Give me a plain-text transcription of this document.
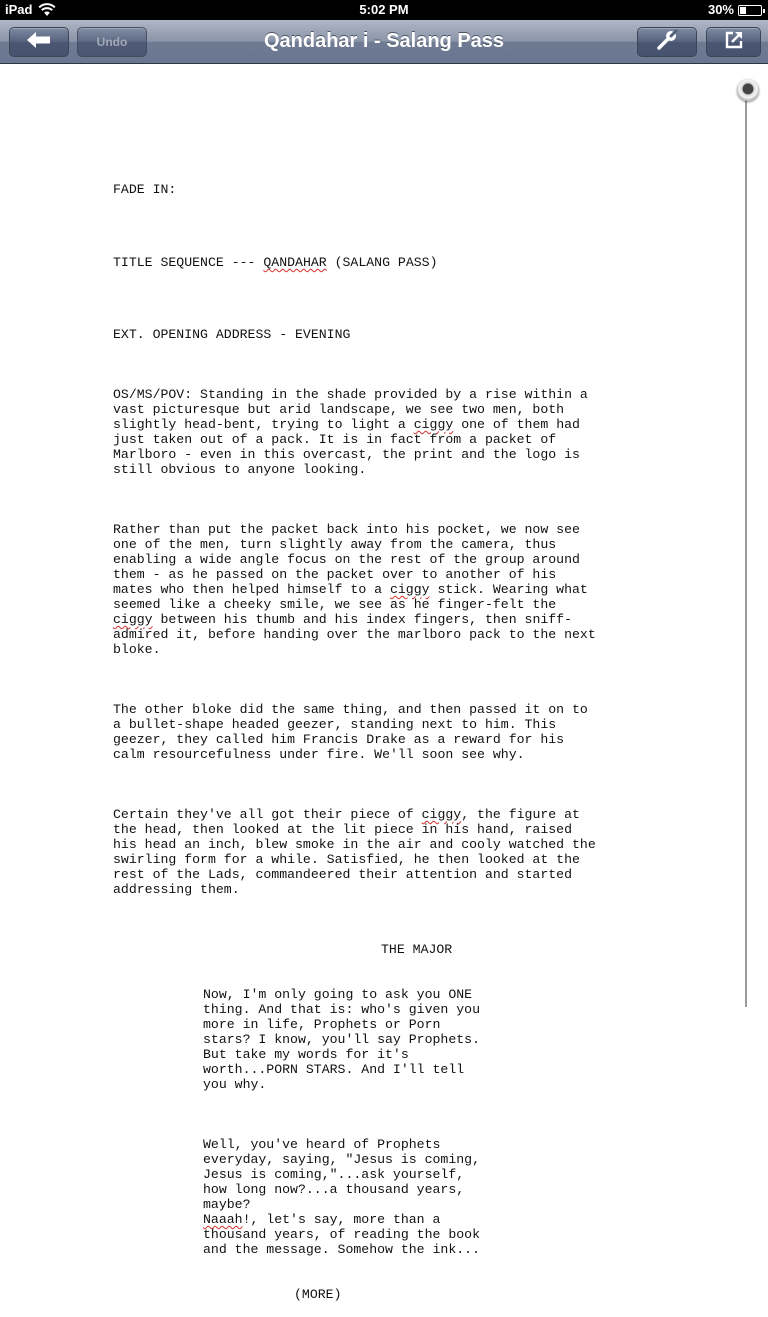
iPad	5:02 PM	30%
Undo	Qandahar i - Salang Pass

FADE IN:

TITLE SEQUENCE --- QANDAHAR (SALANG PASS)

EXT. OPENING ADDRESS - EVENING

OS/MS/POV: Standing in the shade provided by a rise within a
vast picturesque but arid landscape, we see two men, both
slightly head-bent, trying to light a ciggy one of them had
just taken out of a pack. It is in fact from a packet of
Marlboro - even in this overcast, the print and the logo is
still obvious to anyone looking.

Rather than put the packet back into his pocket, we now see
one of the men, turn slightly away from the camera, thus
enabling a wide angle focus on the rest of the group around
them - as he passed on the packet over to another of his
mates who then helped himself to a ciggy stick. Wearing what
seemed like a cheeky smile, we see as he finger-felt the
ciggy between his thumb and his index fingers, then sniff-
admired it, before handing over the marlboro pack to the next
bloke.

The other bloke did the same thing, and then passed it on to
a bullet-shape headed geezer, standing next to him. This
geezer, they called him Francis Drake as a reward for his
calm resourcefulness under fire. We'll soon see why.

Certain they've all got their piece of ciggy, the figure at
the head, then looked at the lit piece in his hand, raised
his head an inch, blew smoke in the air and cooly watched the
swirling form for a while. Satisfied, he then looked at the
rest of the Lads, commandeered their attention and started
addressing them.

THE MAJOR

Now, I'm only going to ask you ONE
thing. And that is: who's given you
more in life, Prophets or Porn
stars? I know, you'll say Prophets.
But take my words for it's
worth...PORN STARS. And I'll tell
you why.

Well, you've heard of Prophets
everyday, saying, "Jesus is coming,
Jesus is coming,"...ask yourself,
how long now?...a thousand years,
maybe?
Naaah!, let's say, more than a
thousand years, of reading the book
and the message. Somehow the ink...

(MORE)
